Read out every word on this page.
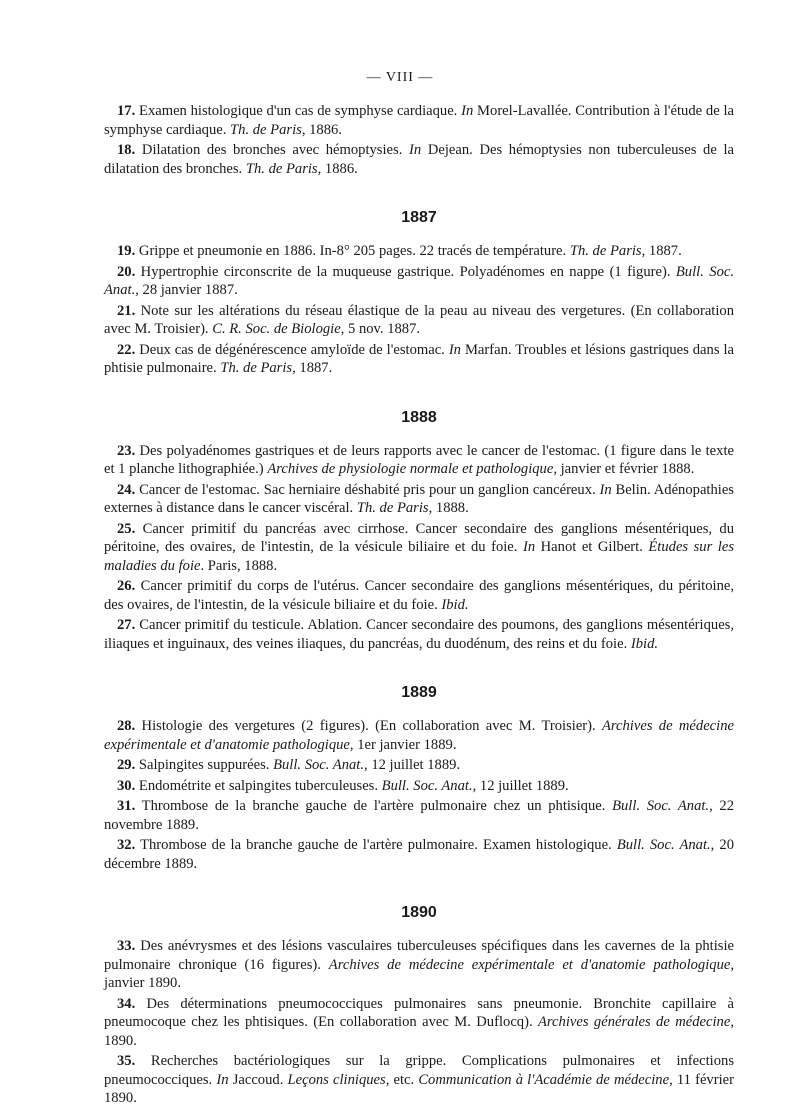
— VIII —

17. Examen histologique d'un cas de symphyse cardiaque. In Morel-Lavallée. Contribution à l'étude de la symphyse cardiaque. Th. de Paris, 1886.

18. Dilatation des bronches avec hémoptysies. In Dejean. Des hémoptysies non tuberculeuses de la dilatation des bronches. Th. de Paris, 1886.

1887

19. Grippe et pneumonie en 1886. In-8° 205 pages. 22 tracés de température. Th. de Paris, 1887.

20. Hypertrophie circonscrite de la muqueuse gastrique. Polyadénomes en nappe (1 figure). Bull. Soc. Anat., 28 janvier 1887.

21. Note sur les altérations du réseau élastique de la peau au niveau des vergetures. (En collaboration avec M. Troisier). C. R. Soc. de Biologie, 5 nov. 1887.

22. Deux cas de dégénérescence amyloïde de l'estomac. In Marfan. Troubles et lésions gastriques dans la phtisie pulmonaire. Th. de Paris, 1887.

1888

23. Des polyadénomes gastriques et de leurs rapports avec le cancer de l'estomac. (1 figure dans le texte et 1 planche lithographiée.) Archives de physiologie normale et pathologique, janvier et février 1888.

24. Cancer de l'estomac. Sac herniaire déshabité pris pour un ganglion cancéreux. In Belin. Adénopathies externes à distance dans le cancer viscéral. Th. de Paris, 1888.

25. Cancer primitif du pancréas avec cirrhose. Cancer secondaire des ganglions mésentériques, du péritoine, des ovaires, de l'intestin, de la vésicule biliaire et du foie. In Hanot et Gilbert. Études sur les maladies du foie. Paris, 1888.

26. Cancer primitif du corps de l'utérus. Cancer secondaire des ganglions mésentériques, du péritoine, des ovaires, de l'intestin, de la vésicule biliaire et du foie. Ibid.

27. Cancer primitif du testicule. Ablation. Cancer secondaire des poumons, des ganglions mésentériques, iliaques et inguinaux, des veines iliaques, du pancréas, du duodénum, des reins et du foie. Ibid.

1889

28. Histologie des vergetures (2 figures). (En collaboration avec M. Troisier). Archives de médecine expérimentale et d'anatomie pathologique, 1er janvier 1889.

29. Salpingites suppurées. Bull. Soc. Anat., 12 juillet 1889.

30. Endométrite et salpingites tuberculeuses. Bull. Soc. Anat., 12 juillet 1889.

31. Thrombose de la branche gauche de l'artère pulmonaire chez un phtisique. Bull. Soc. Anat., 22 novembre 1889.

32. Thrombose de la branche gauche de l'artère pulmonaire. Examen histologique. Bull. Soc. Anat., 20 décembre 1889.

1890

33. Des anévrysmes et des lésions vasculaires tuberculeuses spécifiques dans les cavernes de la phtisie pulmonaire chronique (16 figures). Archives de médecine expérimentale et d'anatomie pathologique, janvier 1890.

34. Des déterminations pneumococciques pulmonaires sans pneumonie. Bronchite capillaire à pneumocoque chez les phtisiques. (En collaboration avec M. Duflocq). Archives générales de médecine, 1890.

35. Recherches bactériologiques sur la grippe. Complications pulmonaires et infections pneumococciques. In Jaccoud. Leçons cliniques, etc. Communication à l'Académie de médecine, 11 février 1890.
